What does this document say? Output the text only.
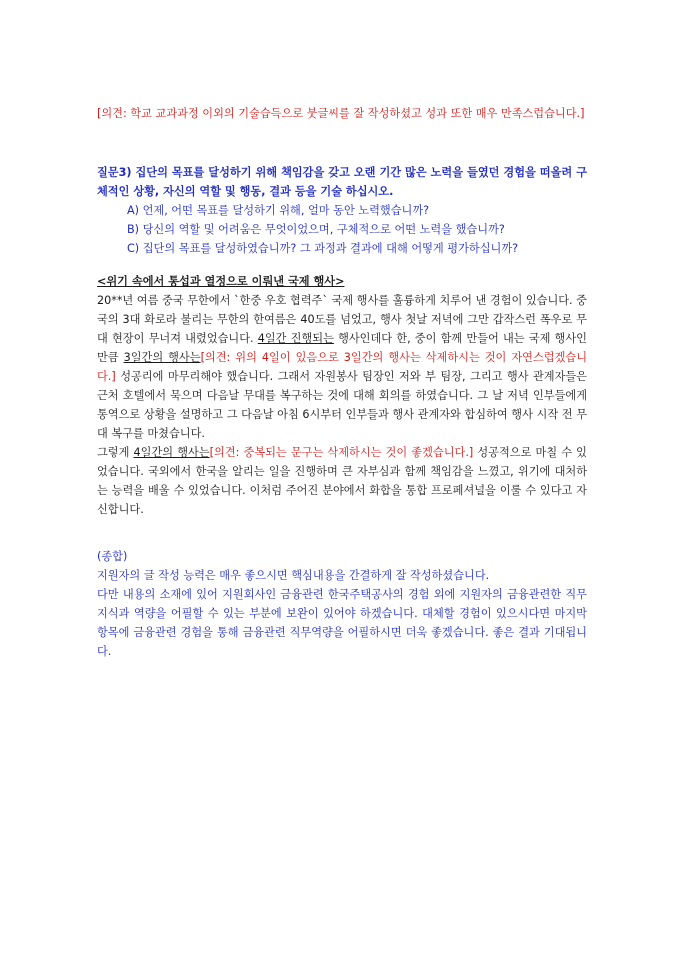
[의견: 학교 교과과정 이외의 기술습득으로 붓글씨를 잘 작성하셨고 성과 또한 매우 만족스럽습니다.]

질문3) 집단의 목표를 달성하기 위해 책임감을 갖고 오랜 기간 많은 노력을 들였던 경험을 떠올려 구체적인 상황, 자신의 역할 및 행동, 결과 등을 기술 하십시오.

A) 언제, 어떤 목표를 달성하기 위해, 얼마 동안 노력했습니까?

B) 당신의 역할 및 어려움은 무엇이었으며, 구체적으로 어떤 노력을 했습니까?

C) 집단의 목표를 달성하였습니까? 그 과정과 결과에 대해 어떻게 평가하십니까?

<위기 속에서 통섭과 열정으로 이뤄낸 국제 행사>

20**년 여름 중국 무한에서 `한중 우호 협력주` 국제 행사를 훌륭하게 치루어 낸 경험이 있습니다. 중국의 3대 화로라 불리는 무한의 한여름은 40도를 넘었고, 행사 첫날 저녁에 그만 갑작스런 폭우로 무대 현장이 무너져 내렸었습니다. 4일간 진행되는 행사인데다 한, 중이 함께 만들어 내는 국제 행사인 만큼 3일간의 행사는[의견: 위의 4일이 있음으로 3일간의 행사는 삭제하시는 것이 자연스럽겠습니다.] 성공리에 마무리해야 했습니다. 그래서 자원봉사 팀장인 저와 부 팀장, 그리고 행사 관계자들은 근처 호텔에서 묵으며 다음날 무대를 복구하는 것에 대해 회의를 하였습니다. 그 날 저녁 인부들에게 통역으로 상황을 설명하고 그 다음날 아침 6시부터 인부들과 행사 관계자와 합심하여 행사 시작 전 무대 복구를 마쳤습니다.

그렇게 4일간의 행사는[의견: 중복되는 문구는 삭제하시는 것이 좋겠습니다.] 성공적으로 마칠 수 있었습니다. 국외에서 한국을 알리는 일을 진행하며 큰 자부심과 함께 책임감을 느꼈고, 위기에 대처하는 능력을 배울 수 있었습니다. 이처럼 주어진 분야에서 화합을 통합 프로페셔널을 이룰 수 있다고 자신합니다.

(종합)

지원자의 글 작성 능력은 매우 좋으시면 핵심내용을 간결하게 잘 작성하셨습니다.

다만 내용의 소재에 있어 지원회사인 금융관련 한국주택공사의 경험 외에 지원자의 금융관련한 직무지식과 역량을 어필할 수 있는 부분에 보완이 있어야 하겠습니다. 대체할 경험이 있으시다면 마지막 항목에 금융관련 경험을 통해 금융관련 직무역량을 어필하시면 더욱 좋겠습니다. 좋은 결과 기대됩니다.
